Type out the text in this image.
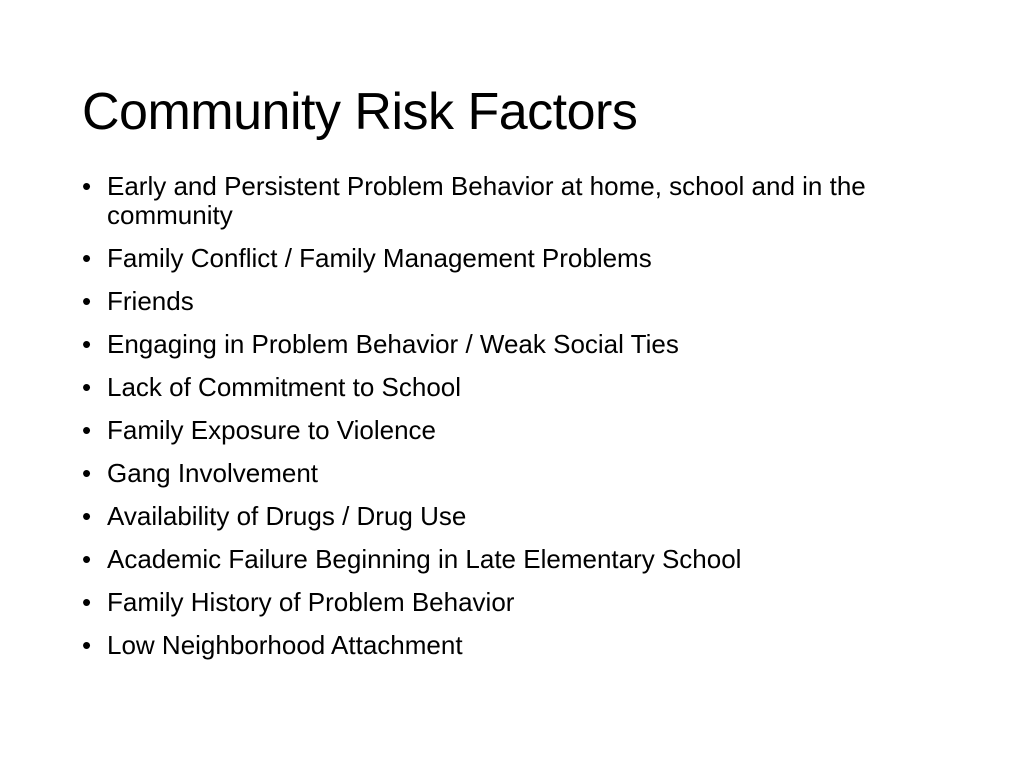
Community Risk Factors
• Early and Persistent Problem Behavior at home, school and in the community
• Family Conflict / Family Management Problems
• Friends
• Engaging in Problem Behavior / Weak Social Ties
• Lack of Commitment to School
• Family Exposure to Violence
• Gang Involvement
• Availability of Drugs / Drug Use
• Academic Failure Beginning in Late Elementary School
• Family History of Problem Behavior
• Low Neighborhood Attachment
